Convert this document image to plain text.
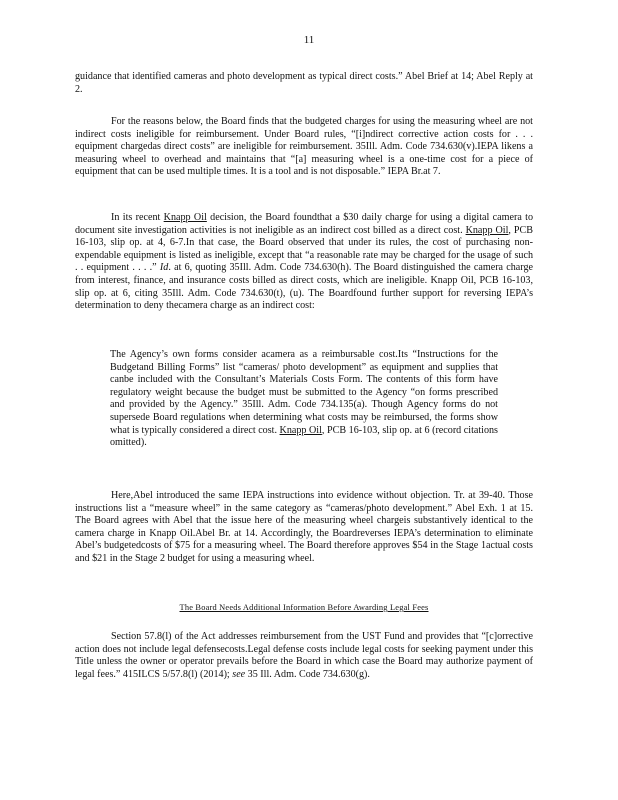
11

guidance that identified cameras and photo development as typical direct costs.” Abel Brief at 14; Abel Reply at 2.

For the reasons below, the Board finds that the budgeted charges for using the measuring wheel are not indirect costs ineligible for reimbursement. Under Board rules, “[i]ndirect corrective action costs for . . . equipment chargedas direct costs” are ineligible for reimbursement. 35Ill. Adm. Code 734.630(v).IEPA likens a measuring wheel to overhead and maintains that “[a] measuring wheel is a one-time cost for a piece of equipment that can be used multiple times. It is a tool and is not disposable.” IEPA Br.at 7.

In its recent Knapp Oil decision, the Board foundthat a $30 daily charge for using a digital camera to document site investigation activities is not ineligible as an indirect cost billed as a direct cost. Knapp Oil, PCB 16-103, slip op. at 4, 6-7.In that case, the Board observed that under its rules, the cost of purchasing non-expendable equipment is listed as ineligible, except that “a reasonable rate may be charged for the usage of such . . equipment . . . .” Id. at 6, quoting 35Ill. Adm. Code 734.630(h). The Board distinguished the camera charge from interest, finance, and insurance costs billed as direct costs, which are ineligible. Knapp Oil, PCB 16-103, slip op. at 6, citing 35Ill. Adm. Code 734.630(t), (u). The Boardfound further support for reversing IEPA’s determination to deny thecamera charge as an indirect cost:

The Agency’s own forms consider acamera as a reimbursable cost.Its “Instructions for the Budgetand Billing Forms” list “cameras/ photo development” as equipment and supplies that canbe included with the Consultant’s Materials Costs Form. The contents of this form have regulatory weight because the budget must be submitted to the Agency “on forms prescribed and provided by the Agency.” 35Ill. Adm. Code 734.135(a). Though Agency forms do not supersede Board regulations when determining what costs may be reimbursed, the forms show what is typically considered a direct cost. Knapp Oil, PCB 16-103, slip op. at 6 (record citations omitted).

Here,Abel introduced the same IEPA instructions into evidence without objection. Tr. at 39-40. Those instructions list a “measure wheel” in the same category as “cameras/photo development.” Abel Exh. 1 at 15. The Board agrees with Abel that the issue here of the measuring wheel chargeis substantively identical to the camera charge in Knapp Oil.Abel Br. at 14. Accordingly, the Boardreverses IEPA’s determination to eliminate Abel’s budgetedcosts of $75 for a measuring wheel. The Board therefore approves $54 in the Stage 1actual costs and $21 in the Stage 2 budget for using a measuring wheel.

The Board Needs Additional Information Before Awarding Legal Fees

Section 57.8(l) of the Act addresses reimbursement from the UST Fund and provides that “[c]orrective action does not include legal defensecosts.Legal defense costs include legal costs for seeking payment under this Title unless the owner or operator prevails before the Board in which case the Board may authorize payment of legal fees.” 415ILCS 5/57.8(l) (2014); see 35 Ill. Adm. Code 734.630(g).
